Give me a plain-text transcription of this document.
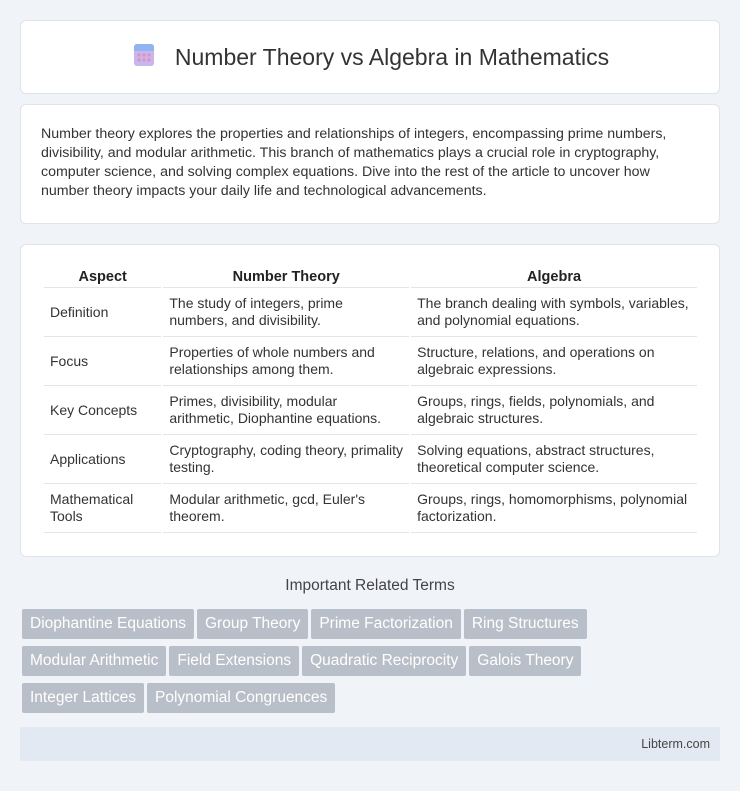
Number Theory vs Algebra in Mathematics

Number theory explores the properties and relationships of integers, encompassing prime numbers, divisibility, and modular arithmetic. This branch of mathematics plays a crucial role in cryptography, computer science, and solving complex equations. Dive into the rest of the article to uncover how number theory impacts your daily life and technological advancements.

Aspect	Number Theory	Algebra
Definition	The study of integers, prime numbers, and divisibility.	The branch dealing with symbols, variables, and polynomial equations.
Focus	Properties of whole numbers and relationships among them.	Structure, relations, and operations on algebraic expressions.
Key Concepts	Primes, divisibility, modular arithmetic, Diophantine equations.	Groups, rings, fields, polynomials, and algebraic structures.
Applications	Cryptography, coding theory, primality testing.	Solving equations, abstract structures, theoretical computer science.
Mathematical Tools	Modular arithmetic, gcd, Euler's theorem.	Groups, rings, homomorphisms, polynomial factorization.
Important Related Terms
Diophantine Equations Group Theory Prime Factorization Ring Structures
Modular Arithmetic Field Extensions Quadratic Reciprocity Galois Theory
Integer Lattices Polynomial Congruences
Libterm.com
